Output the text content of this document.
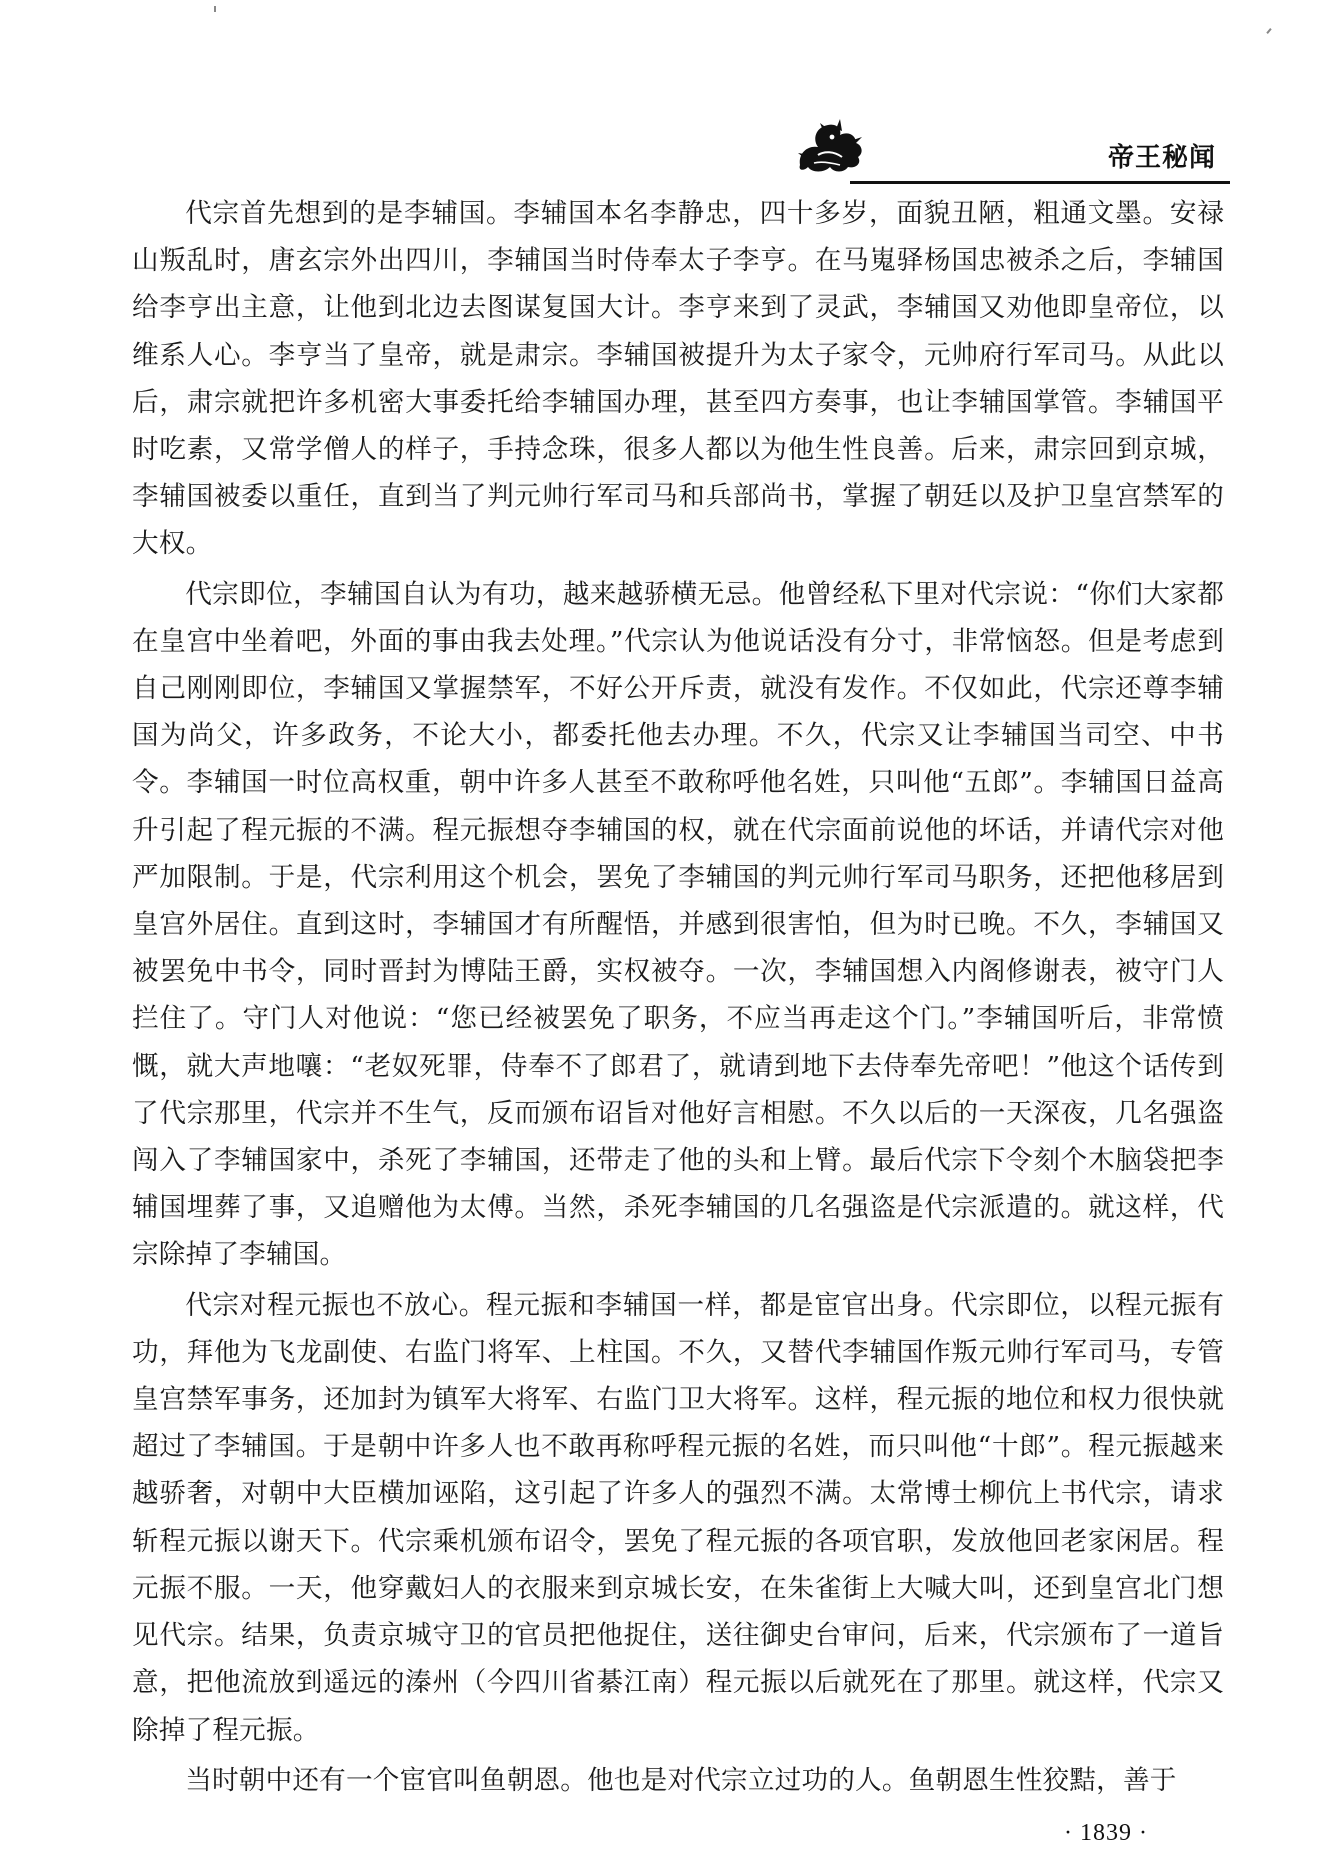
帝王秘闻

代宗首先想到的是李辅国。李辅国本名李静忠，四十多岁，面貌丑陋，粗通文墨。安禄山叛乱时，唐玄宗外出四川，李辅国当时侍奉太子李亨。在马嵬驿杨国忠被杀之后，李辅国给李亨出主意，让他到北边去图谋复国大计。李亨来到了灵武，李辅国又劝他即皇帝位，以维系人心。李亨当了皇帝，就是肃宗。李辅国被提升为太子家令，元帅府行军司马。从此以后，肃宗就把许多机密大事委托给李辅国办理，甚至四方奏事，也让李辅国掌管。李辅国平时吃素，又常学僧人的样子，手持念珠，很多人都以为他生性良善。后来，肃宗回到京城，李辅国被委以重任，直到当了判元帅行军司马和兵部尚书，掌握了朝廷以及护卫皇宫禁军的大权。

代宗即位，李辅国自认为有功，越来越骄横无忌。他曾经私下里对代宗说：“你们大家都在皇宫中坐着吧，外面的事由我去处理。”代宗认为他说话没有分寸，非常恼怒。但是考虑到自己刚刚即位，李辅国又掌握禁军，不好公开斥责，就没有发作。不仅如此，代宗还尊李辅国为尚父，许多政务，不论大小，都委托他去办理。不久，代宗又让李辅国当司空、中书令。李辅国一时位高权重，朝中许多人甚至不敢称呼他名姓，只叫他“五郎”。李辅国日益高升引起了程元振的不满。程元振想夺李辅国的权，就在代宗面前说他的坏话，并请代宗对他严加限制。于是，代宗利用这个机会，罢免了李辅国的判元帅行军司马职务，还把他移居到皇宫外居住。直到这时，李辅国才有所醒悟，并感到很害怕，但为时已晚。不久，李辅国又被罢免中书令，同时晋封为博陆王爵，实权被夺。一次，李辅国想入内阁修谢表，被守门人拦住了。守门人对他说：“您已经被罢免了职务，不应当再走这个门。”李辅国听后，非常愤慨，就大声地嚷：“老奴死罪，侍奉不了郎君了，就请到地下去侍奉先帝吧！”他这个话传到了代宗那里，代宗并不生气，反而颁布诏旨对他好言相慰。不久以后的一天深夜，几名强盗闯入了李辅国家中，杀死了李辅国，还带走了他的头和上臂。最后代宗下令刻个木脑袋把李辅国埋葬了事，又追赠他为太傅。当然，杀死李辅国的几名强盗是代宗派遣的。就这样，代宗除掉了李辅国。

代宗对程元振也不放心。程元振和李辅国一样，都是宦官出身。代宗即位，以程元振有功，拜他为飞龙副使、右监门将军、上柱国。不久，又替代李辅国作叛元帅行军司马，专管皇宫禁军事务，还加封为镇军大将军、右监门卫大将军。这样，程元振的地位和权力很快就超过了李辅国。于是朝中许多人也不敢再称呼程元振的名姓，而只叫他“十郎”。程元振越来越骄奢，对朝中大臣横加诬陷，这引起了许多人的强烈不满。太常博士柳伉上书代宗，请求斩程元振以谢天下。代宗乘机颁布诏令，罢免了程元振的各项官职，发放他回老家闲居。程元振不服。一天，他穿戴妇人的衣服来到京城长安，在朱雀街上大喊大叫，还到皇宫北门想见代宗。结果，负责京城守卫的官员把他捉住，送往御史台审问，后来，代宗颁布了一道旨意，把他流放到遥远的溱州（今四川省綦江南）程元振以后就死在了那里。就这样，代宗又除掉了程元振。

当时朝中还有一个宦官叫鱼朝恩。他也是对代宗立过功的人。鱼朝恩生性狡黠，善于

· 1839 ·
